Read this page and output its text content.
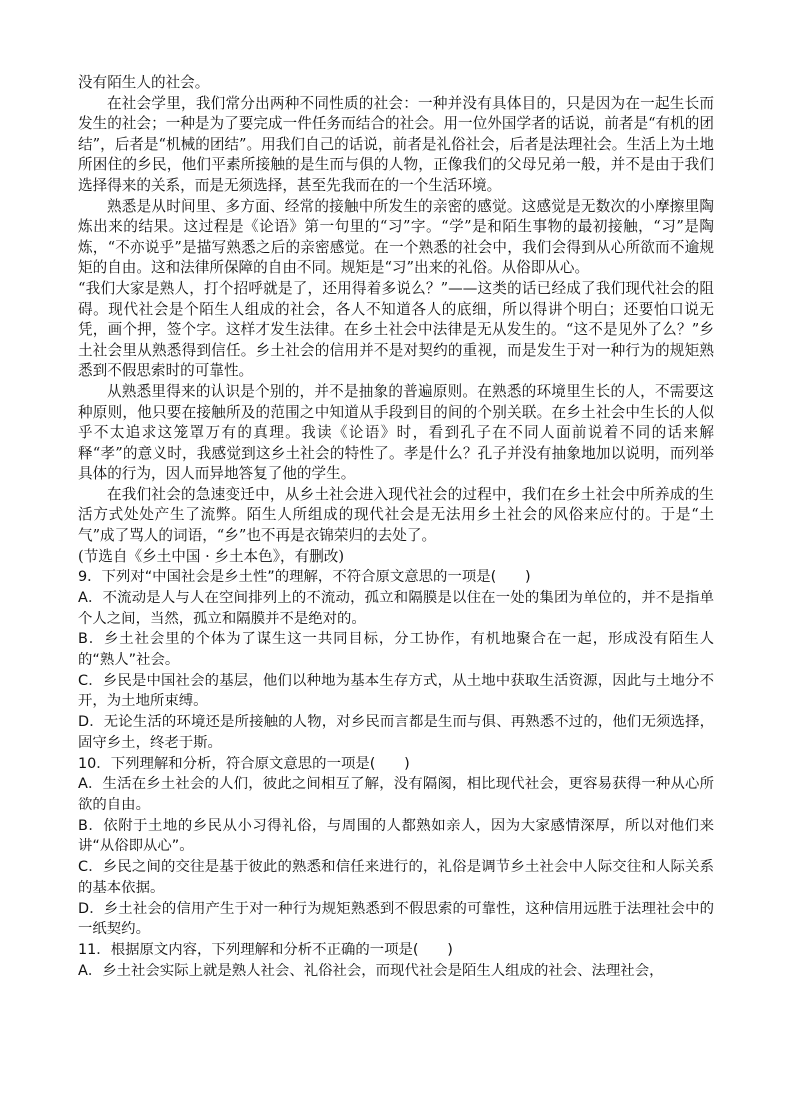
没有陌生人的社会。

在社会学里，我们常分出两种不同性质的社会：一种并没有具体目的，只是因为在一起生长而发生的社会；一种是为了要完成一件任务而结合的社会。用一位外国学者的话说，前者是“有机的团结”，后者是“机械的团结”。用我们自己的话说，前者是礼俗社会，后者是法理社会。生活上为土地所困住的乡民，他们平素所接触的是生而与俱的人物，正像我们的父母兄弟一般，并不是由于我们选择得来的关系，而是无须选择，甚至先我而在的一个生活环境。

熟悉是从时间里、多方面、经常的接触中所发生的亲密的感觉。这感觉是无数次的小摩擦里陶炼出来的结果。这过程是《论语》第一句里的“习”字。“学”是和陌生事物的最初接触，“习”是陶炼，“不亦说乎”是描写熟悉之后的亲密感觉。在一个熟悉的社会中，我们会得到从心所欲而不逾规矩的自由。这和法律所保障的自由不同。规矩是“习”出来的礼俗。从俗即从心。

“我们大家是熟人，打个招呼就是了，还用得着多说么？”——这类的话已经成了我们现代社会的阻碍。现代社会是个陌生人组成的社会，各人不知道各人的底细，所以得讲个明白；还要怕口说无凭，画个押，签个字。这样才发生法律。在乡土社会中法律是无从发生的。“这不是见外了么？”乡土社会里从熟悉得到信任。乡土社会的信用并不是对契约的重视，而是发生于对一种行为的规矩熟悉到不假思索时的可靠性。

从熟悉里得来的认识是个别的，并不是抽象的普遍原则。在熟悉的环境里生长的人，不需要这种原则，他只要在接触所及的范围之中知道从手段到目的间的个别关联。在乡土社会中生长的人似乎不太追求这笼罩万有的真理。我读《论语》时，看到孔子在不同人面前说着不同的话来解释“孝”的意义时，我感觉到这乡土社会的特性了。孝是什么？孔子并没有抽象地加以说明，而列举具体的行为，因人而异地答复了他的学生。

在我们社会的急速变迁中，从乡土社会进入现代社会的过程中，我们在乡土社会中所养成的生活方式处处产生了流弊。陌生人所组成的现代社会是无法用乡土社会的风俗来应付的。于是“土气”成了骂人的词语，“乡”也不再是衣锦荣归的去处了。

(节选自《乡土中国 · 乡土本色》，有删改)

9．下列对“中国社会是乡土性”的理解，不符合原文意思的一项是(　　)

A．不流动是人与人在空间排列上的不流动，孤立和隔膜是以住在一处的集团为单位的，并不是指单个人之间，当然，孤立和隔膜并不是绝对的。

B．乡土社会里的个体为了谋生这一共同目标，分工协作，有机地聚合在一起，形成没有陌生人的“熟人”社会。

C．乡民是中国社会的基层，他们以种地为基本生存方式，从土地中获取生活资源，因此与土地分不开，为土地所束缚。

D．无论生活的环境还是所接触的人物，对乡民而言都是生而与俱、再熟悉不过的，他们无须选择，固守乡土，终老于斯。

10．下列理解和分析，符合原文意思的一项是(　　)

A．生活在乡土社会的人们，彼此之间相互了解，没有隔阂，相比现代社会，更容易获得一种从心所欲的自由。

B．依附于土地的乡民从小习得礼俗，与周围的人都熟如亲人，因为大家感情深厚，所以对他们来讲“从俗即从心”。

C．乡民之间的交往是基于彼此的熟悉和信任来进行的，礼俗是调节乡土社会中人际交往和人际关系的基本依据。

D．乡土社会的信用产生于对一种行为规矩熟悉到不假思索的可靠性，这种信用远胜于法理社会中的一纸契约。

11．根据原文内容，下列理解和分析不正确的一项是(　　)

A．乡土社会实际上就是熟人社会、礼俗社会，而现代社会是陌生人组成的社会、法理社会，
